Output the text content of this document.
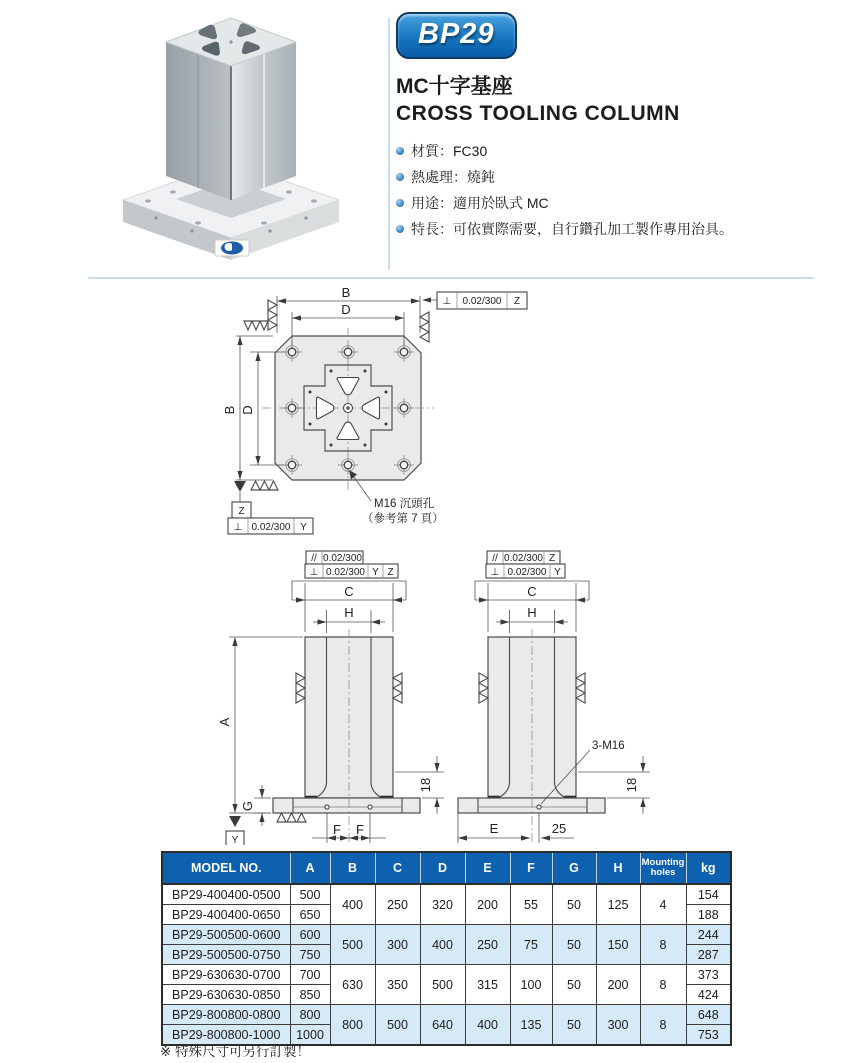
BP29
MC十字基座
CROSS TOOLING COLUMN
材質：FC30
熱處理：燒鈍
用途：適用於臥式 MC
特長：可依實際需要，自行鑽孔加工製作專用治具。
B
D
B D
Z
⊥ 0.02/300 Y
⊥ 0.02/300 Z
M16 沉頭孔
（參考第 7 頁）
// 0.02/300
⊥ 0.02/300 Y Z
C
H
A
Y
G
18
F F
// 0.02/300 Z
⊥ 0.02/300 Y
C
H
3-M16
E	25
18
MODEL NO.	A	B	C	D	E	F	G	H	Mounting holes	kg
BP29-400400-0500	500	400	250	320	200	55	50	125	4	154
BP29-400400-0650	650									188
BP29-500500-0600	600	500	300	400	250	75	50	150	8	244
BP29-500500-0750	750									287
BP29-630630-0700	700	630	350	500	315	100	50	200	8	373
BP29-630630-0850	850									424
BP29-800800-0800	800	800	500	640	400	135	50	300	8	648
BP29-800800-1000	1000									753
※ 特殊尺寸可另行訂製！
